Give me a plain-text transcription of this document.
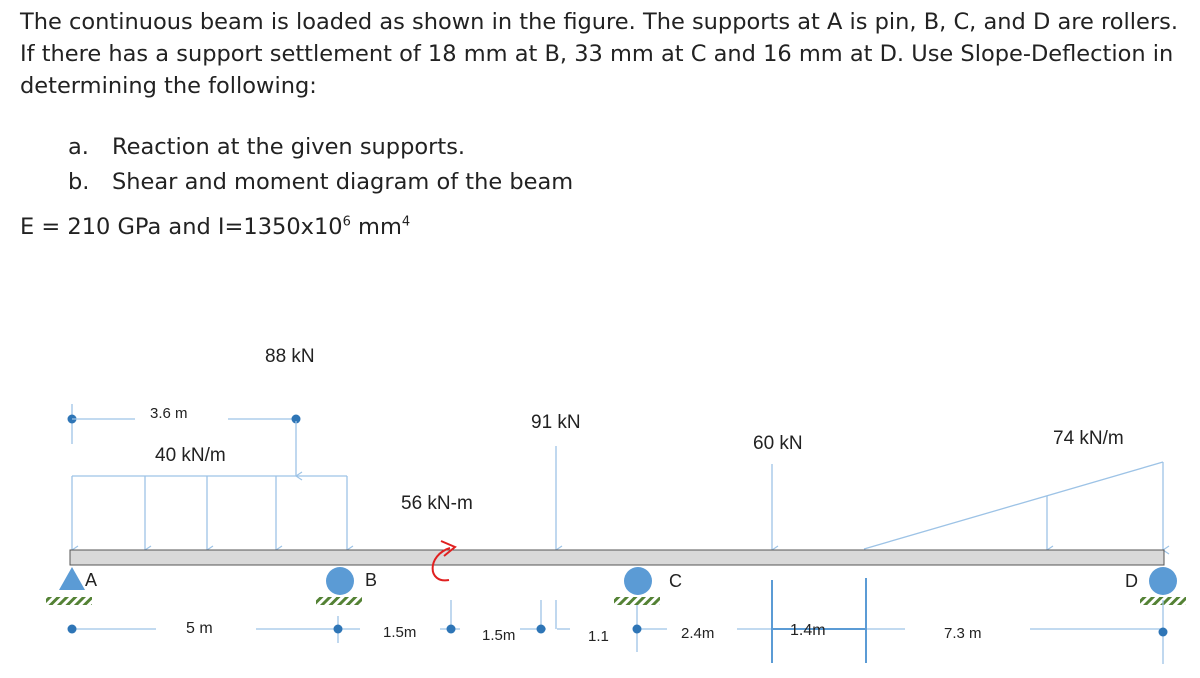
The continuous beam is loaded as shown in the figure. The supports at A is pin, B, C, and D are rollers. If there has a support settlement of 18 mm at B, 33 mm at C and 16 mm at D. Use Slope-Deflection in determining the following:

a. Reaction at the given supports.
b. Shear and moment diagram of the beam
E = 210 GPa and $I=1350x10^6$ $mm^4$
A	B	C	D
88 kN
3.6 m
40 kN/m
56 kN-m
91 kN
60 kN	74 kN/m
5 m	1.5m	1.5m	1.1	2.4m	1.4m	7.3 m
